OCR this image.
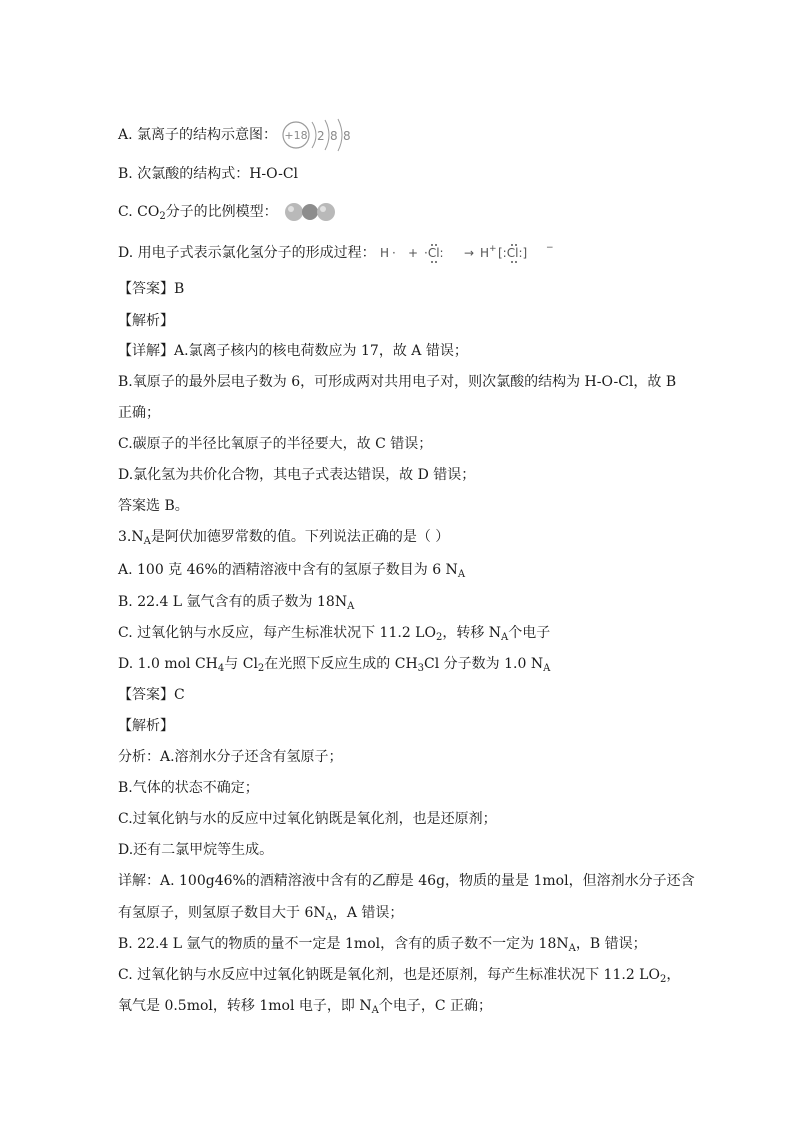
A. 氯离子的结构示意图： +18 2 8 8
B. 次氯酸的结构式：H-O-Cl
C. $CO_2$分子的比例模型：
D. 用电子式表示氯化氢分子的形成过程： H · + ·Cl: → H + [:Cl:] −
【答案】B
【解析】
【详解】A.氯离子核内的核电荷数应为 17，故 A 错误；
B.氧原子的最外层电子数为 6，可形成两对共用电子对，则次氯酸的结构为 H-O-Cl，故 B
正确；
C.碳原子的半径比氧原子的半径要大，故 C 错误；
D.氯化氢为共价化合物，其电子式表达错误，故 D 错误；
答案选 B。
$3.N_A$是阿伏加德罗常数的值。下列说法正确的是（ ）
A. 100 克 46%的酒精溶液中含有的氢原子数目为 6 $N_A$
B. 22.4 L 氩气含有的质子数为 $18N_A$
C. 过氧化钠与水反应，每产生标准状况下 11.2 $LO_2$，转移 $N_A$个电子
D. 1.0 mol $CH_4$与 $Cl_2$在光照下反应生成的 $CH_3Cl$ 分子数为 1.0 $N_A$
【答案】C
【解析】
分析：A.溶剂水分子还含有氢原子；
B.气体的状态不确定；
C.过氧化钠与水的反应中过氧化钠既是氧化剂，也是还原剂；
D.还有二氯甲烷等生成。
详解：A. 100g46%的酒精溶液中含有的乙醇是 46g，物质的量是 1mol，但溶剂水分子还含
有氢原子，则氢原子数目大于 $6N_A$，A 错误；
B. 22.4 L 氩气的物质的量不一定是 1mol，含有的质子数不一定为 $18N_A$，B 错误；
C. 过氧化钠与水反应中过氧化钠既是氧化剂，也是还原剂，每产生标准状况下 11.2 $LO_2$，
氧气是 0.5mol，转移 1mol 电子，即 $N_A$个电子，C 正确；
